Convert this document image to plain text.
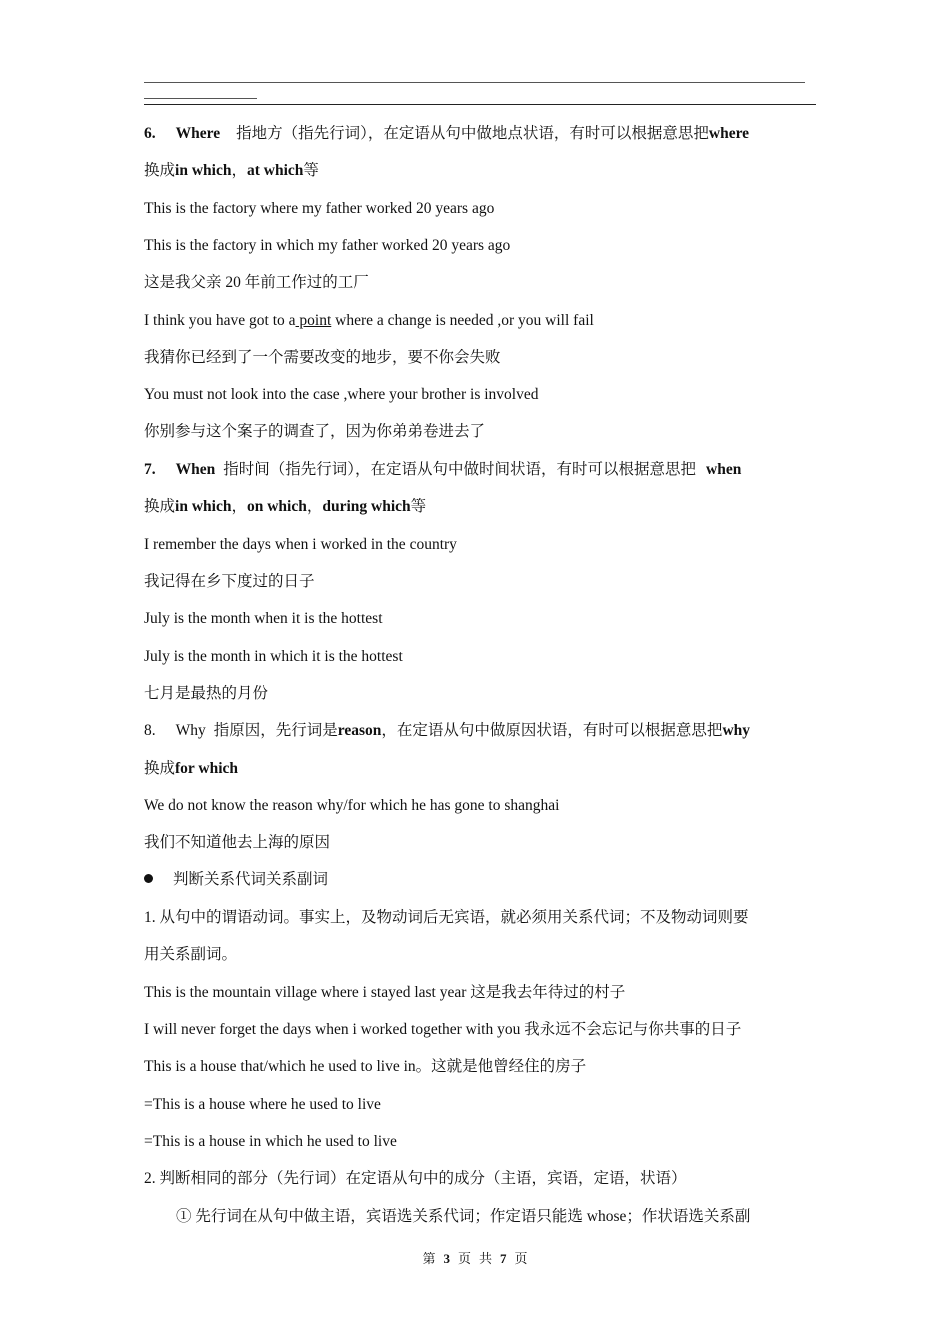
6. Where 指地方（指先行词），在定语从句中做地点状语，有时可以根据意思把where
换成in which，at which等
This is the factory where my father worked 20 years ago
This is the factory in which my father worked 20 years ago
这是我父亲 20 年前工作过的工厂
I think you have got to a point where a change is needed ,or you will fail
我猜你已经到了一个需要改变的地步，要不你会失败
You must not look into the case ,where your brother is involved
你别参与这个案子的调查了，因为你弟弟卷进去了
7. When 指时间（指先行词），在定语从句中做时间状语，有时可以根据意思把 when
换成in which，on which，during which等
I remember the days when i worked in the country
我记得在乡下度过的日子
July is the month when it is the hottest
July is the month in which it is the hottest
七月是最热的月份
8. Why 指原因，先行词是reason，在定语从句中做原因状语，有时可以根据意思把why
换成for which
We do not know the reason why/for which he has gone to shanghai
我们不知道他去上海的原因
判断关系代词关系副词
1. 从句中的谓语动词。事实上，及物动词后无宾语，就必须用关系代词；不及物动词则要
用关系副词。
This is the mountain village where i stayed last year 这是我去年待过的村子
I will never forget the days when i worked together with you 我永远不会忘记与你共事的日子
This is a house that/which he used to live in。这就是他曾经住的房子
=This is a house where he used to live
=This is a house in which he used to live
2. 判断相同的部分（先行词）在定语从句中的成分（主语，宾语，定语，状语）
① 先行词在从句中做主语，宾语选关系代词；作定语只能选 whose；作状语选关系副
第 3 页 共 7 页
